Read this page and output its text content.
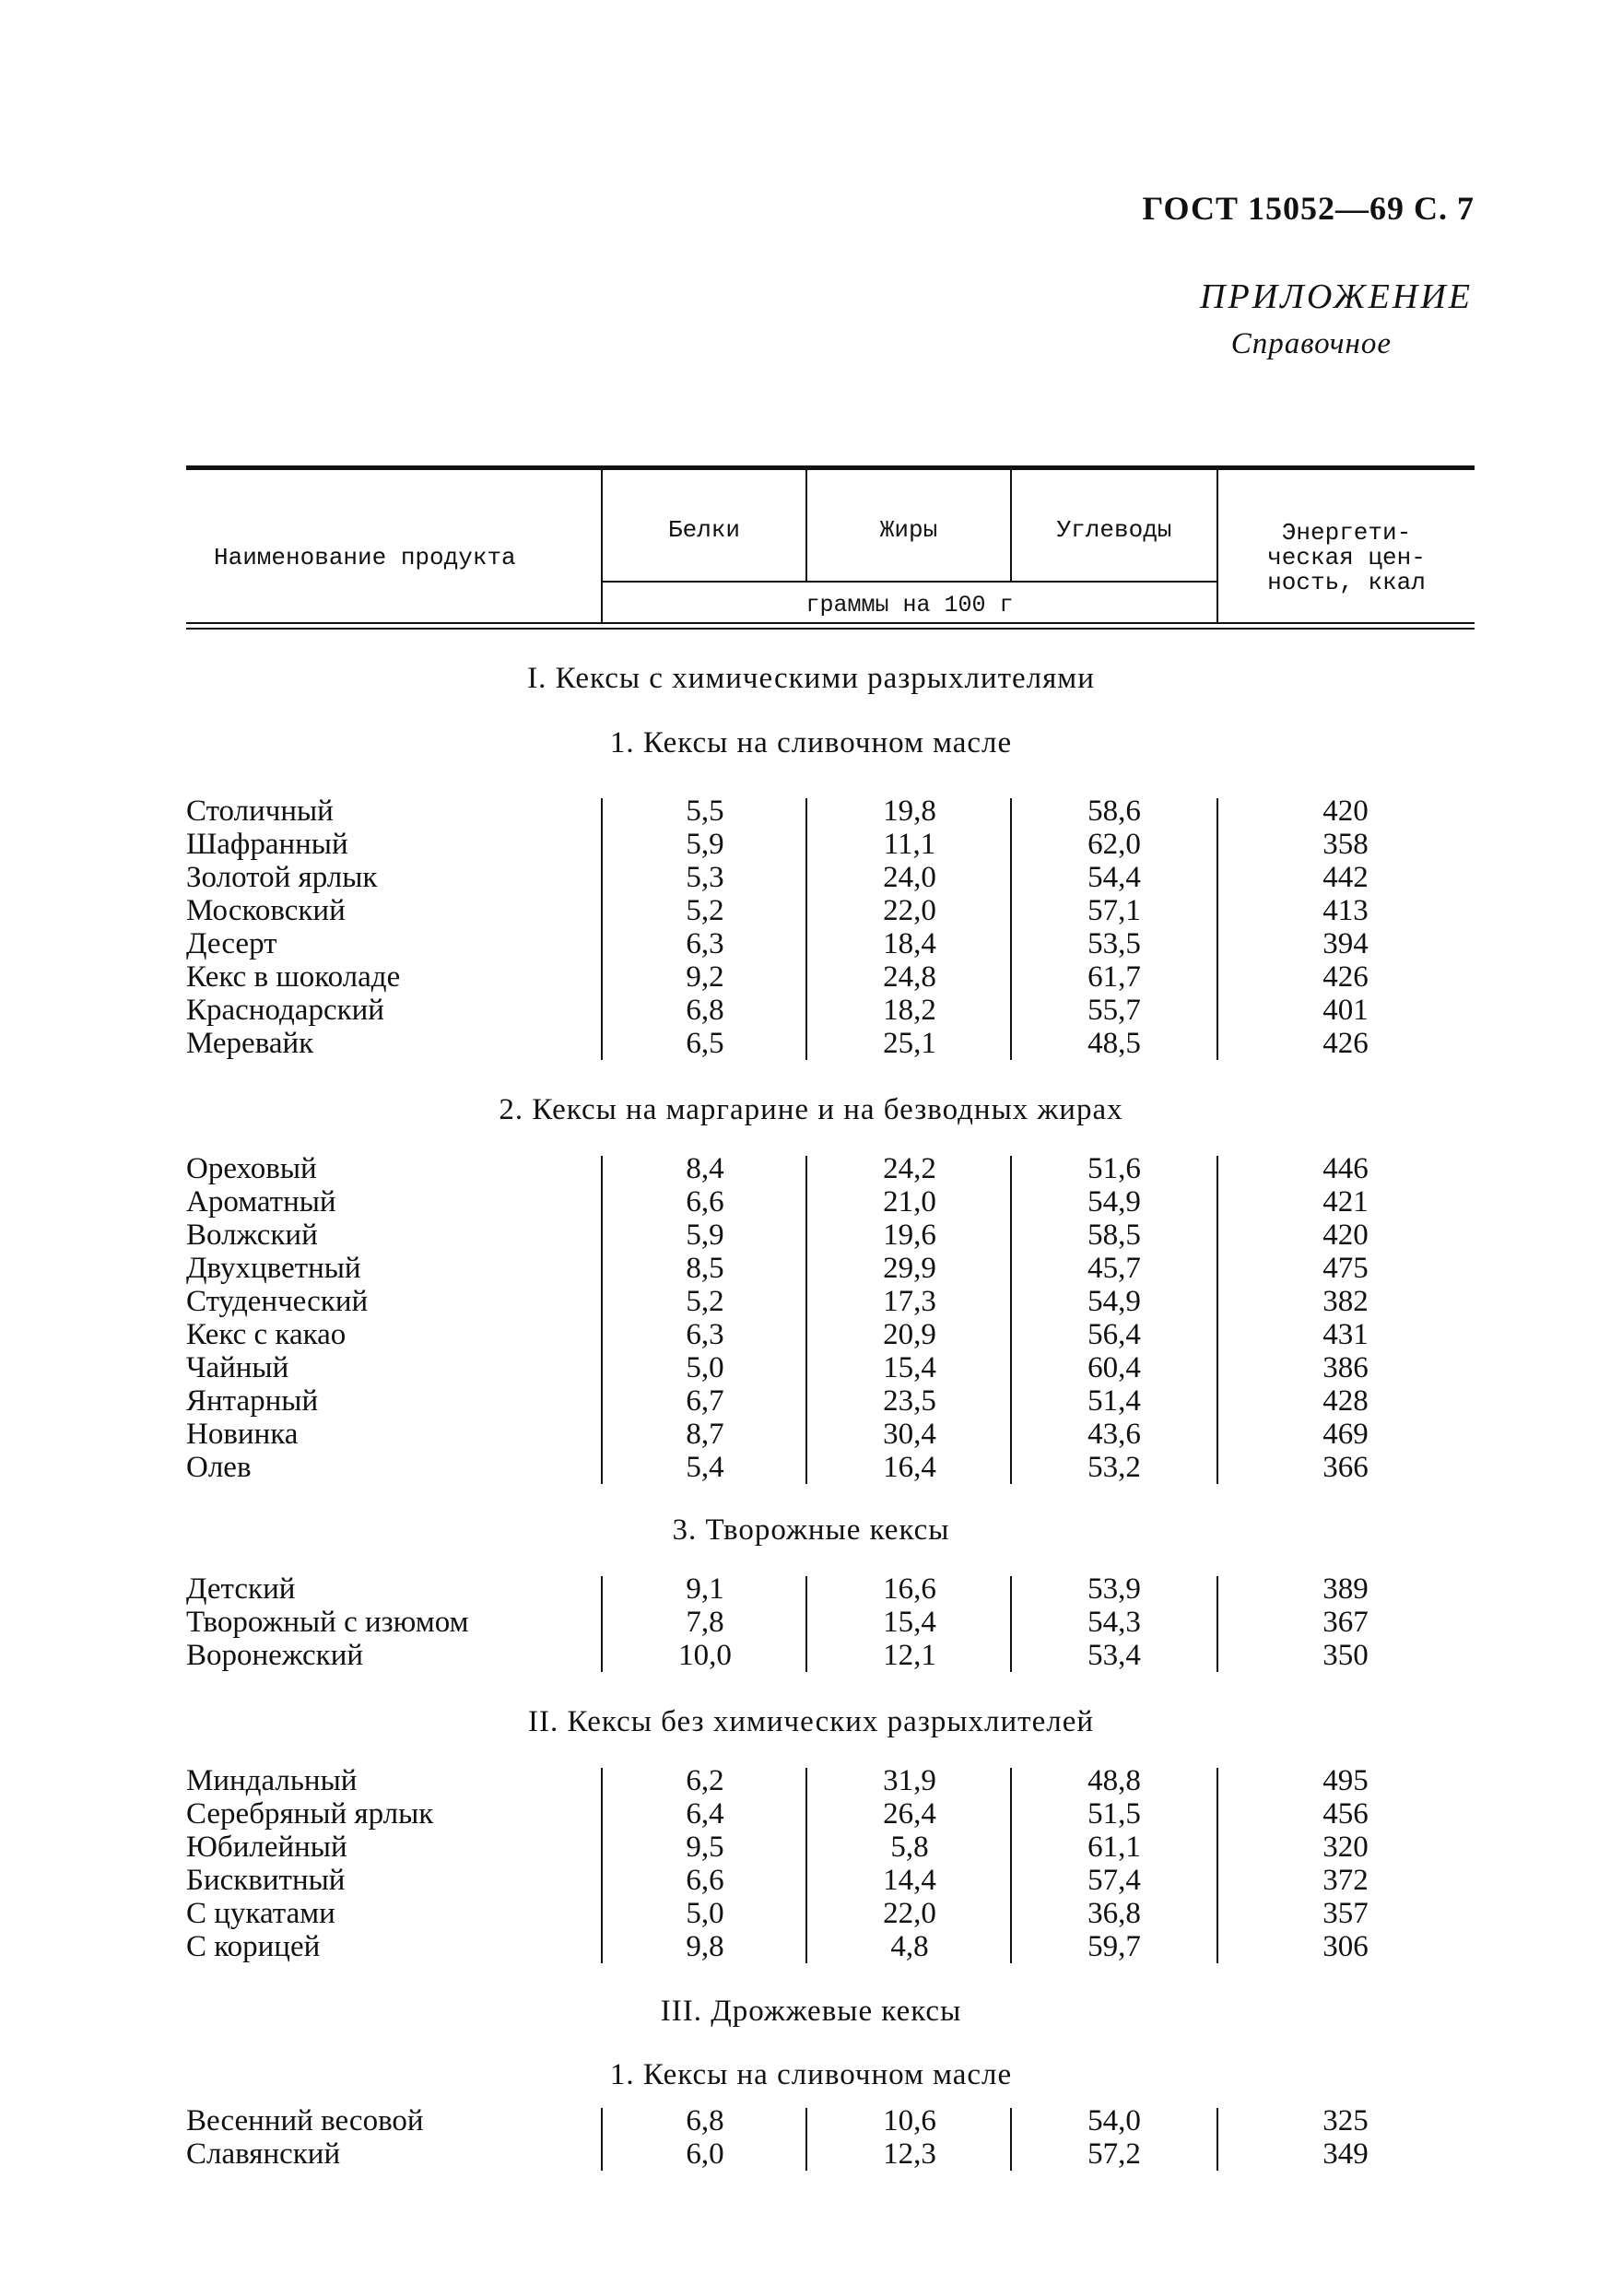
ГОСТ 15052—69 С. 7
ПРИЛОЖЕНИЕ
Справочное
Наименование продукта
Белки	Жиры	Углеводы
граммы на 100 г
Энергети-
ческая цен-
ность, ккал
I. Кексы с химическими разрыхлителями
1. Кексы на сливочном масле
2. Кексы на маргарине и на безводных жирах
3. Творожные кексы
II. Кексы без химических разрыхлителей
III. Дрожжевые кексы
1. Кексы на сливочном масле
Столичный	5,5	19,8	58,6	420
Шафранный	5,9	11,1	62,0	358
Золотой ярлык	5,3	24,0	54,4	442
Московский	5,2	22,0	57,1	413
Десерт	6,3	18,4	53,5	394
Кекс в шоколаде	9,2	24,8	61,7	426
Краснодарский	6,8	18,2	55,7	401
Меревайк	6,5	25,1	48,5	426
Ореховый	8,4	24,2	51,6	446
Ароматный	6,6	21,0	54,9	421
Волжский	5,9	19,6	58,5	420
Двухцветный	8,5	29,9	45,7	475
Студенческий	5,2	17,3	54,9	382
Кекс с какао	6,3	20,9	56,4	431
Чайный	5,0	15,4	60,4	386
Янтарный	6,7	23,5	51,4	428
Новинка	8,7	30,4	43,6	469
Олев	5,4	16,4	53,2	366
Детский	9,1	16,6	53,9	389
Творожный с изюмом	7,8	15,4	54,3	367
Воронежский	10,0	12,1	53,4	350
Миндальный	6,2	31,9	48,8	495
Серебряный ярлык	6,4	26,4	51,5	456
Юбилейный	9,5	5,8	61,1	320
Бисквитный	6,6	14,4	57,4	372
С цукатами	5,0	22,0	36,8	357
С корицей	9,8	4,8	59,7	306
Весенний весовой	6,8	10,6	54,0	325
Славянский	6,0	12,3	57,2	349
